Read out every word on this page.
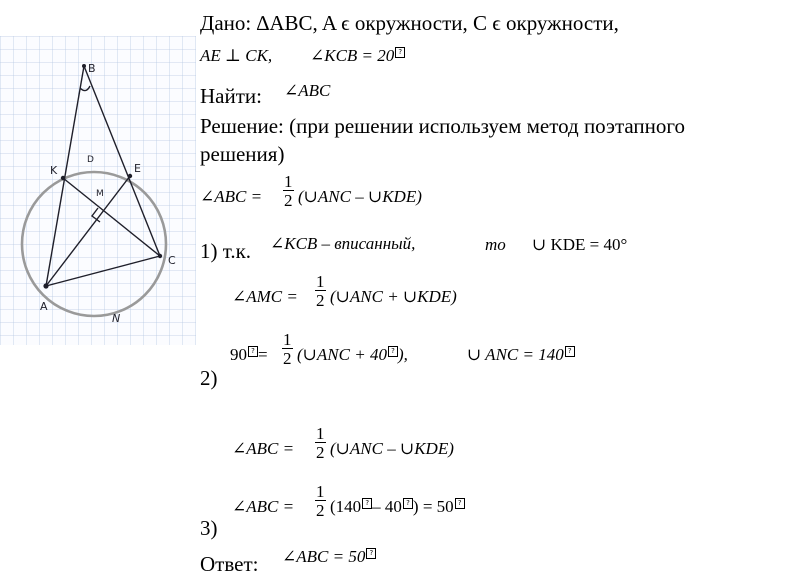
B
K
D
E
M
C
A
N
Дано: ∆ABC, A ϵ окружности, C ϵ окружности,
AE ⊥ CK, ∠KCB = 20 ?
Найти: ∠ABC
Решение: (при решении используем метод поэтапного
решения)
∠ABC = $\frac{1}{2}$ (∪ANC – ∪KDE)
1) т.к. ∠KCB – вписанный,	то ∪ KDE = 40°
∠AMC = $\frac{1}{2}$ (∪ANC + ∪KDE)
90 ? = $\frac{1}{2}$ (∪ANC + 40 ? ),	∪ ANC = 140 ?
2)
∠ABC = $\frac{1}{2}$ (∪ANC – ∪KDE)
∠ABC = $\frac{1}{2} (140$ ? – 40 ? ) = 50 ?
3)
Ответ: ∠ABC = 50 ?
